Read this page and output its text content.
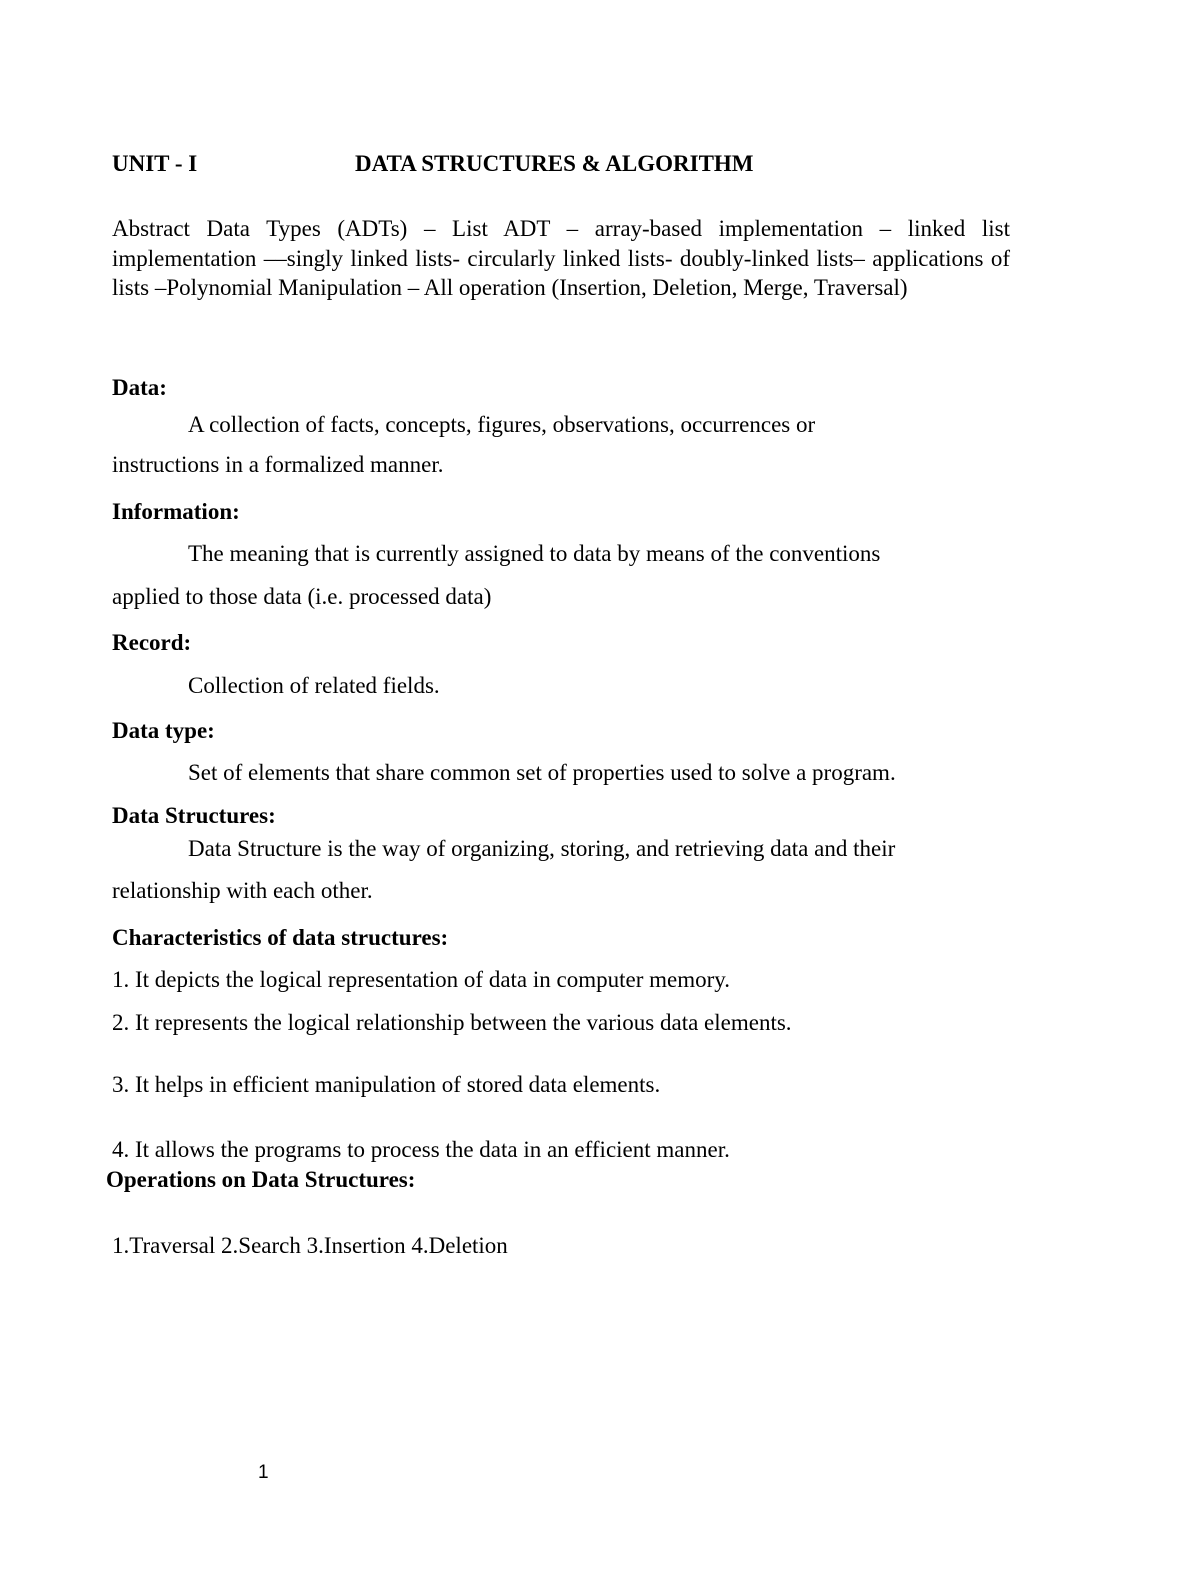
UNIT - I	DATA STRUCTURES & ALGORITHM
Abstract Data Types (ADTs) – List ADT – array-based implementation – linked list implementation ––singly linked lists- circularly linked lists- doubly-linked lists– applications of lists –Polynomial Manipulation – All operation (Insertion, Deletion, Merge, Traversal)
Data:
A collection of facts, concepts, figures, observations, occurrences or
instructions in a formalized manner.
Information:
The meaning that is currently assigned to data by means of the conventions
applied to those data (i.e. processed data)
Record:
Collection of related fields.
Data type:
Set of elements that share common set of properties used to solve a program.
Data Structures:
Data Structure is the way of organizing, storing, and retrieving data and their
relationship with each other.
Characteristics of data structures:
1. It depicts the logical representation of data in computer memory.
2. It represents the logical relationship between the various data elements.
3. It helps in efficient manipulation of stored data elements.
4. It allows the programs to process the data in an efficient manner.
Operations on Data Structures:
1.Traversal 2.Search 3.Insertion 4.Deletion
1
